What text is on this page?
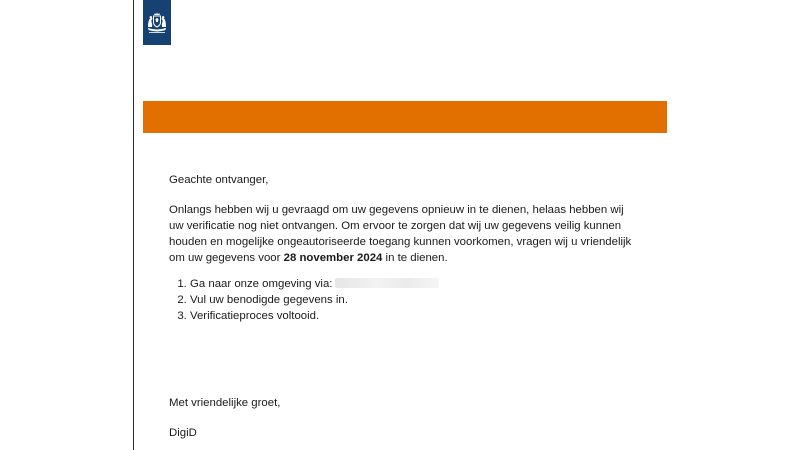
Geachte ontvanger,

Onlangs hebben wij u gevraagd om uw gegevens opnieuw in te dienen, helaas hebben wij uw verificatie nog niet ontvangen. Om ervoor te zorgen dat wij uw gegevens veilig kunnen houden en mogelijke ongeautoriseerde toegang kunnen voorkomen, vragen wij u vriendelijk om uw gegevens voor 28 november 2024 in te dienen.

1. Ga naar onze omgeving via:
2. Vul uw benodigde gegevens in.
3. Verificatieproces voltooid.

Met vriendelijke groet,

DigiD
